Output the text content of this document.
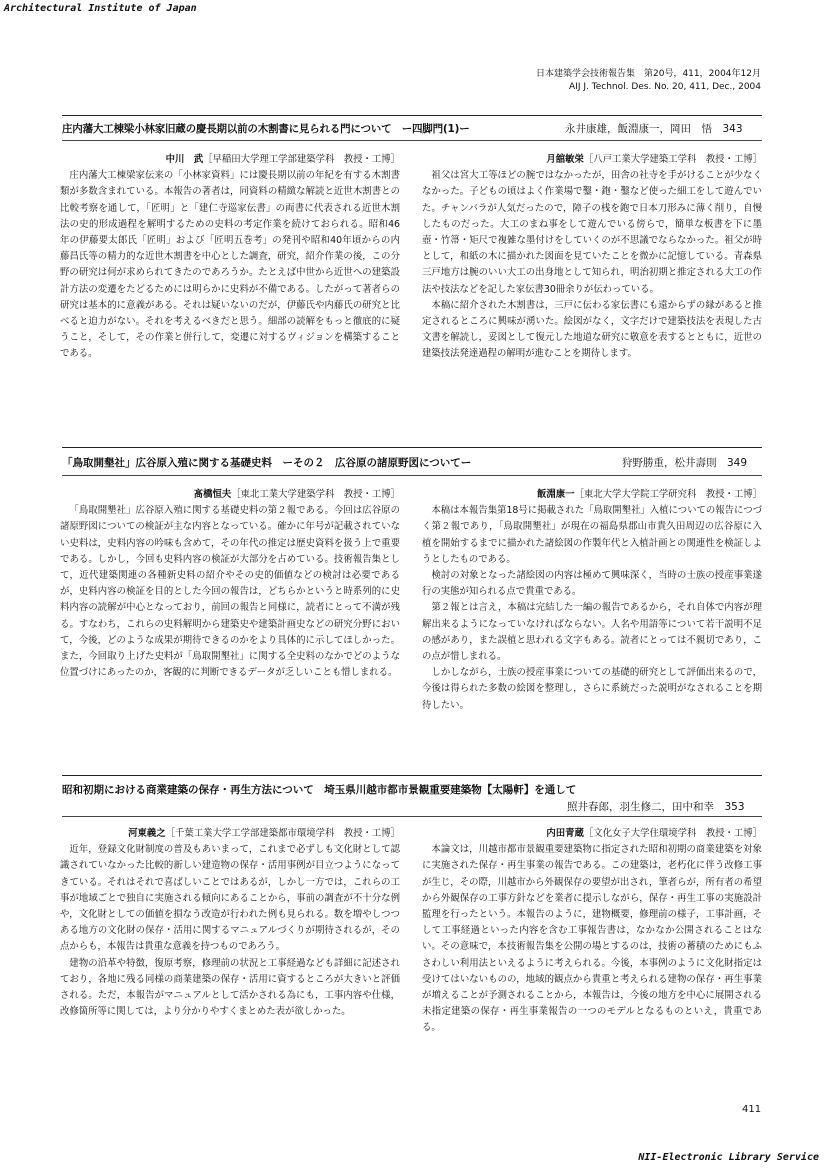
Architectural Institute of Japan
日本建築学会技術報告集　第20号，411，2004年12月
AIJ J. Technol. Des. No. 20, 411, Dec., 2004
庄内藩大工棟梁小林家旧蔵の慶長期以前の木割書に見られる門について　ー四脚門(1)ー	永井康雄，飯淵康一，岡田　悟　343
中川　武［早稲田大学理工学部建築学科　教授・工博］

庄内藩大工棟梁家伝来の「小林家資料」には慶長期以前の年紀を有する木割書類が多数含まれている。本報告の著者は，同資料の精緻な解読と近世木割書との比較考察を通して，「匠明」と「建仁寺巡家伝書」の両書に代表される近世木割法の史的形成過程を解明するための史料の考定作業を続けておられる。昭和46年の伊藤要太郎氏「匠明」および「匠明五巻考」の発刊や昭和40年頃からの内藤昌氏等の精力的な近世木割書を中心とした調査，研究，紹介作業の後，この分野の研究は何が求められてきたのであろうか。たとえば中世から近世への建築設計方法の変遷をたどるためには明らかに史料が不備である。したがって著者らの研究は基本的に意義がある。それは疑いないのだが，伊藤氏や内藤氏の研究と比べると迫力がない。それを考えるべきだと思う。細部の読解をもっと徹底的に疑うこと，そして，その作業と併行して，変遷に対するヴィジョンを構築することである。

月舘敏栄［八戸工業大学建築工学科　教授・工博］

祖父は宮大工等ほどの腕ではなかったが，田舎の社寺を手がけることが少なくなかった。子どもの頃はよく作業場で鑿・鉋・鑿など使った細工をして遊んでいた。チャンバラが人気だったので，障子の桟を鉋で日本刀形みに薄く削り，自慢したものだった。大工のまね事をして遊んでいる傍らで，簡単な板書を下に墨壺・竹箒・矩尺で複雑な墨付けをしていくのが不思議でならなかった。祖父が時として，和紙の木に描かれた図面を見ていたことを微かに記憶している。青森県三戸地方は腕のいい大工の出身地として知られ，明治初期と推定される大工の作法や技法などを記した家伝書30冊余りが伝わっている。

本稿に紹介された木割書は，三戸に伝わる家伝書にも遠からずの縁があると推定されるところに興味が湧いた。絵図がなく，文字だけで建築技法を表現した古文書を解読し，妥図として復元した地道な研究に敬意を表するとともに，近世の建築技法発達過程の解明が進むことを期待します。

「鳥取開墾社」広谷原入殖に関する基礎史料　ーその２　広谷原の諸原野図についてー	狩野勝重，松井壽則　349
髙橋恒夫［東北工業大学建築学科　教授・工博］

「鳥取開墾社」広谷原入殖に関する基礎史料の第２報である。今回は広谷原の諸原野図についての検証が主な内容となっている。確かに年号が記載されていない史料は，史料内容の吟味も含めて，その年代の推定は歴史資料を扱う上で重要である。しかし，今回も史料内容の検証が大部分を占めている。技術報告集として，近代建築関連の各種新史料の紹介やその史的価値などの検討は必要であるが，史料内容の検証を目的とした今回の報告は，どちらかというと時系列的に史料内容の読解が中心となっており，前回の報告と同様に，読者にとって不満が残る。すなわち，これらの史料解明から建築史や建築計画史などの研究分野において，今後，どのような成果が期待できるのかをより具体的に示してほしかった。また，今回取り上げた史料が「鳥取開墾社」に関する全史料のなかでどのような位置づけにあったのか，客観的に判断できるデータが乏しいことも惜しまれる。

飯淵康一［東北大学大学院工学研究科　教授・工博］

本稿は本報告集第18号に掲載された「鳥取開墾社」入植についての報告につづく第２報であり，「鳥取開墾社」が現在の福島県郡山市貴久田周辺の広谷原に入植を開始するまでに描かれた諸絵図の作製年代と入植計画との関連性を検証しようとしたものである。

検討の対象となった諸絵図の内容は極めて興味深く，当時の士族の授産事業遂行の実態が知られる点で貴重である。

第２報とは言え，本稿は完結した一編の報告であるから，それ自体で内容が理解出来るようになっていなければならない。人名や用語等について若干説明不足の感があり，また誤植と思われる文字もある。読者にとっては不親切であり，この点が惜しまれる。

しかしながら，士族の授産事業についての基礎的研究として評価出来るので，今後は得られた多数の絵図を整理し，さらに系統だった説明がなされることを期待したい。

昭和初期における商業建築の保存・再生方法について　埼玉県川越市都市景観重要建築物【太陽軒】を通して
照井春郎，羽生修二，田中和幸　353
河東義之［千葉工業大学工学部建築都市環境学科　教授・工博］

近年，登録文化財制度の普及もあいまって，これまで必ずしも文化財として認識されていなかった比較的新しい建造物の保存・活用事例が目立つようになってきている。それはそれで喜ばしいことではあるが，しかし一方では，これらの工事が地域ごとで独自に実施される傾向にあることから，事前の調査が不十分な例や，文化財としての価値を損なう改造が行われた例も見られる。数を増やしつつある地方の文化財の保存・活用に関するマニュアルづくりが期待されるが，その点からも，本報告は貴重な意義を持つものであろう。

建物の沿革や特徴，復原考察，修理前の状況と工事経過なども詳細に記述されており，各地に残る同様の商業建築の保存・活用に資するところが大きいと評価される。ただ，本報告がマニュアルとして活かされる為にも，工事内容や仕様，改修箇所等に関しては，より分かりやすくまとめた表が欲しかった。

内田青蔵［文化女子大学住環境学科　教授・工博］

本論文は，川越市都市景観重要建築物に指定された昭和初期の商業建築を対象に実施された保存・再生事業の報告である。この建築は，老朽化に伴う改修工事が生じ，その際，川越市から外観保存の要望が出され，筆者らが，所有者の希望から外観保存の工事方針などを業者に提示しながら，保存・再生工事の実施設計監理を行ったという。本報告のように，建物概要，修理前の様子，工事計画，そして工事経過といった内容を含む工事報告書は，なかなか公開されることはない。その意味で，本技術報告集を公開の場とするのは，技術の蓄積のためにもふさわしい利用法といえるように考えられる。今後，本事例のように文化財指定は受けてはいないものの，地域的観点から貴重と考えられる建物の保存・再生事業が増えることが予測されることから，本報告は，今後の地方を中心に展開される未指定建築の保存・再生事業報告の一つのモデルとなるものといえ，貴重である。

411
NII-Electronic Library Service
